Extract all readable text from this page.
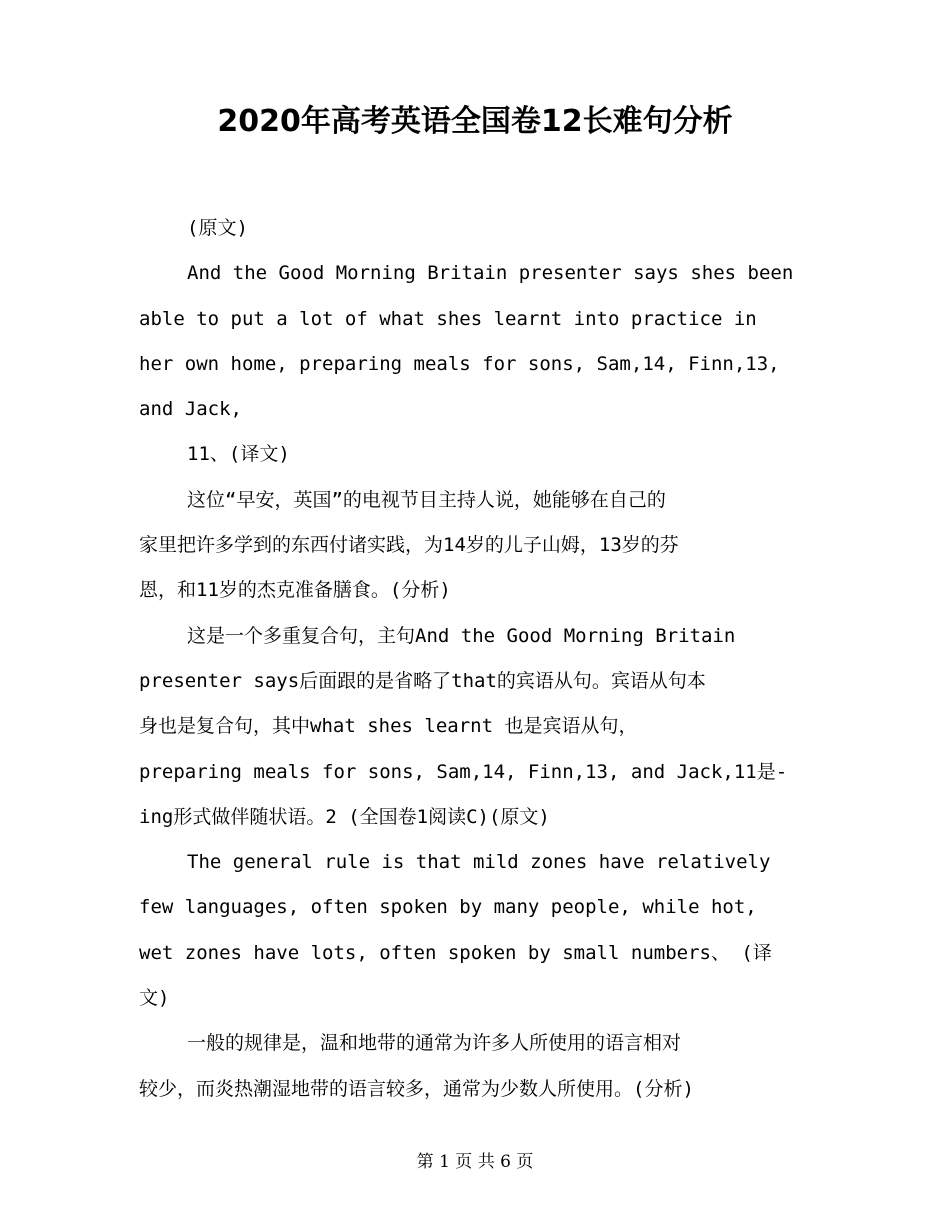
2020年高考英语全国卷12长难句分析
(原文)
And the Good Morning Britain presenter says shes been
able to put a lot of what shes learnt into practice in
her own home, preparing meals for sons, Sam,14, Finn,13,
and Jack,
11、(译文)
这位“早安，英国”的电视节目主持人说，她能够在自己的
家里把许多学到的东西付诸实践，为14岁的儿子山姆，13岁的芬
恩，和11岁的杰克准备膳食。(分析)
这是一个多重复合句，主句And the Good Morning Britain
presenter says后面跟的是省略了that的宾语从句。宾语从句本
身也是复合句，其中what shes learnt 也是宾语从句，
preparing meals for sons, Sam,14, Finn,13, and Jack,11是-
ing形式做伴随状语。2 (全国卷1阅读C)(原文)
The general rule is that mild zones have relatively
few languages, often spoken by many people, while hot,
wet zones have lots, often spoken by small numbers、 (译
文)
一般的规律是，温和地带的通常为许多人所使用的语言相对
较少，而炎热潮湿地带的语言较多，通常为少数人所使用。(分析)
第 1 页 共 6 页
